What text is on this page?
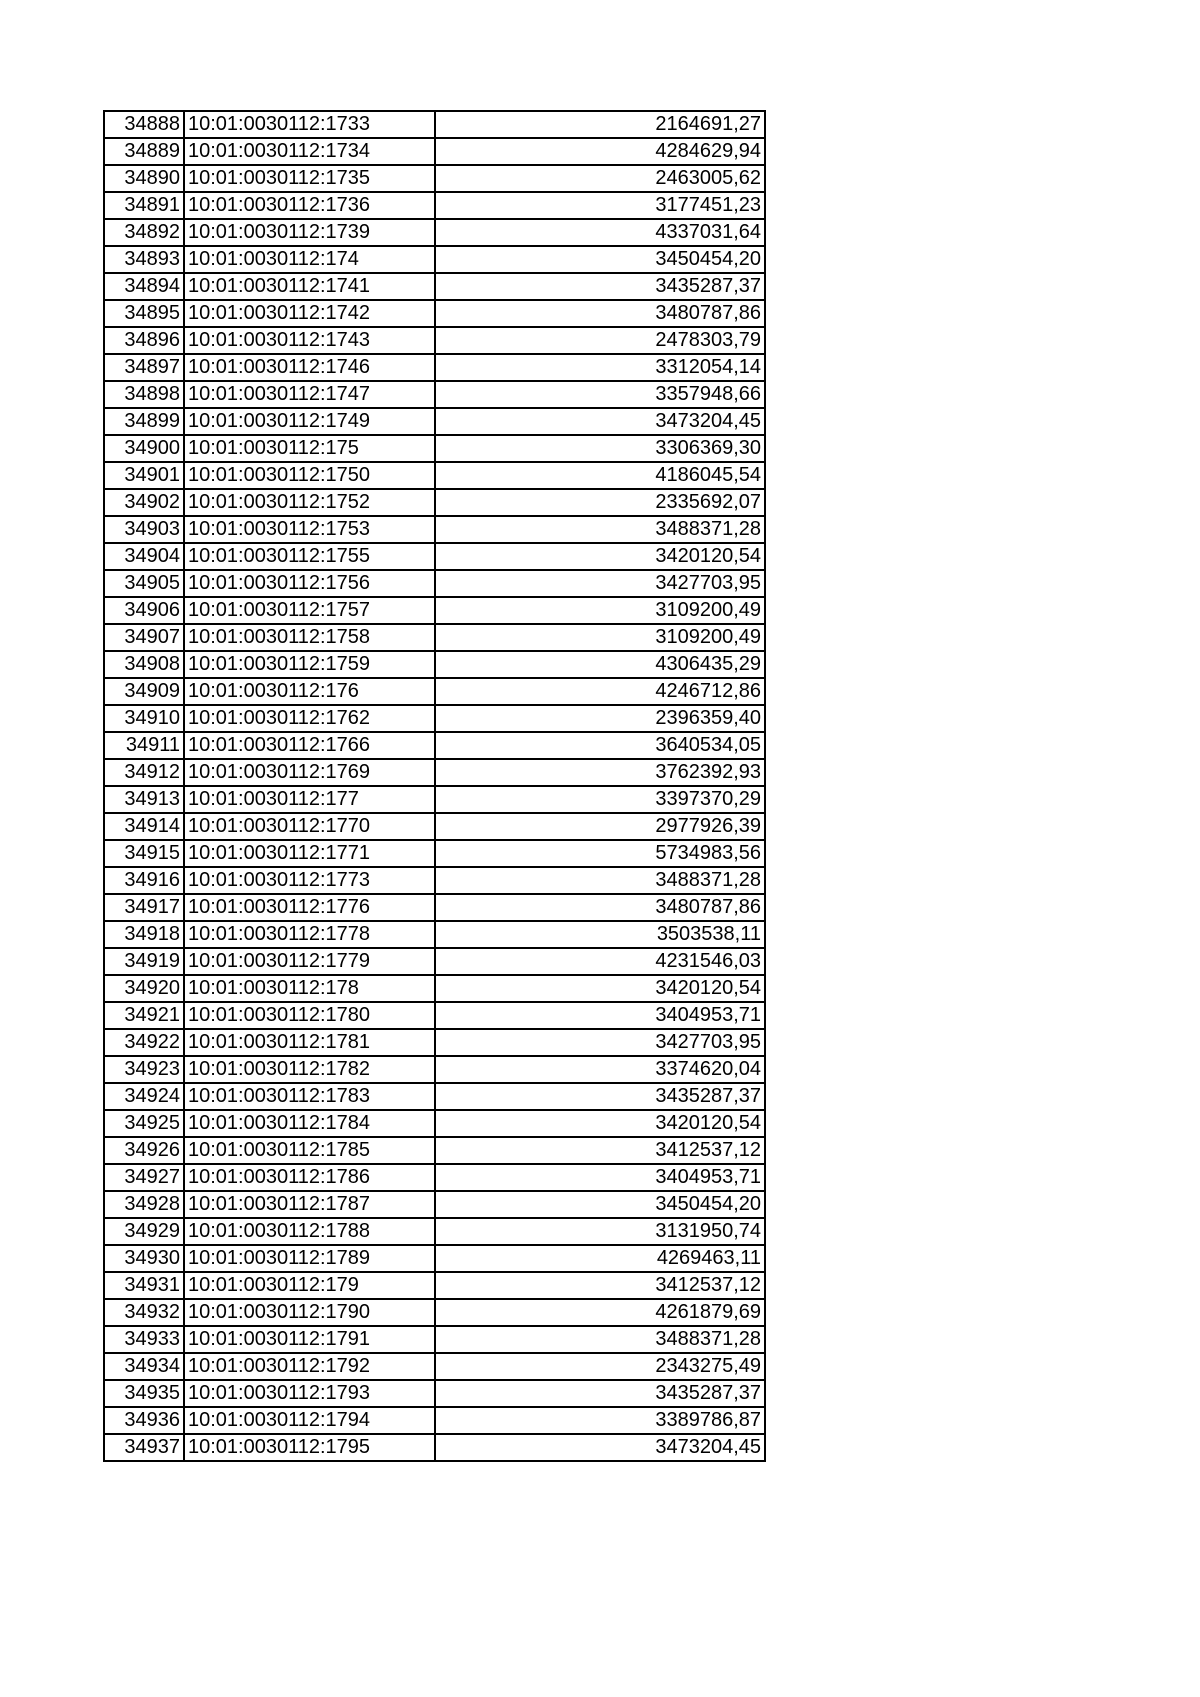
34888	10:01:0030112:1733	2164691,27
34889	10:01:0030112:1734	4284629,94
34890	10:01:0030112:1735	2463005,62
34891	10:01:0030112:1736	3177451,23
34892	10:01:0030112:1739	4337031,64
34893	10:01:0030112:174	3450454,20
34894	10:01:0030112:1741	3435287,37
34895	10:01:0030112:1742	3480787,86
34896	10:01:0030112:1743	2478303,79
34897	10:01:0030112:1746	3312054,14
34898	10:01:0030112:1747	3357948,66
34899	10:01:0030112:1749	3473204,45
34900	10:01:0030112:175	3306369,30
34901	10:01:0030112:1750	4186045,54
34902	10:01:0030112:1752	2335692,07
34903	10:01:0030112:1753	3488371,28
34904	10:01:0030112:1755	3420120,54
34905	10:01:0030112:1756	3427703,95
34906	10:01:0030112:1757	3109200,49
34907	10:01:0030112:1758	3109200,49
34908	10:01:0030112:1759	4306435,29
34909	10:01:0030112:176	4246712,86
34910	10:01:0030112:1762	2396359,40
34911	10:01:0030112:1766	3640534,05
34912	10:01:0030112:1769	3762392,93
34913	10:01:0030112:177	3397370,29
34914	10:01:0030112:1770	2977926,39
34915	10:01:0030112:1771	5734983,56
34916	10:01:0030112:1773	3488371,28
34917	10:01:0030112:1776	3480787,86
34918	10:01:0030112:1778	3503538,11
34919	10:01:0030112:1779	4231546,03
34920	10:01:0030112:178	3420120,54
34921	10:01:0030112:1780	3404953,71
34922	10:01:0030112:1781	3427703,95
34923	10:01:0030112:1782	3374620,04
34924	10:01:0030112:1783	3435287,37
34925	10:01:0030112:1784	3420120,54
34926	10:01:0030112:1785	3412537,12
34927	10:01:0030112:1786	3404953,71
34928	10:01:0030112:1787	3450454,20
34929	10:01:0030112:1788	3131950,74
34930	10:01:0030112:1789	4269463,11
34931	10:01:0030112:179	3412537,12
34932	10:01:0030112:1790	4261879,69
34933	10:01:0030112:1791	3488371,28
34934	10:01:0030112:1792	2343275,49
34935	10:01:0030112:1793	3435287,37
34936	10:01:0030112:1794	3389786,87
34937	10:01:0030112:1795	3473204,45
